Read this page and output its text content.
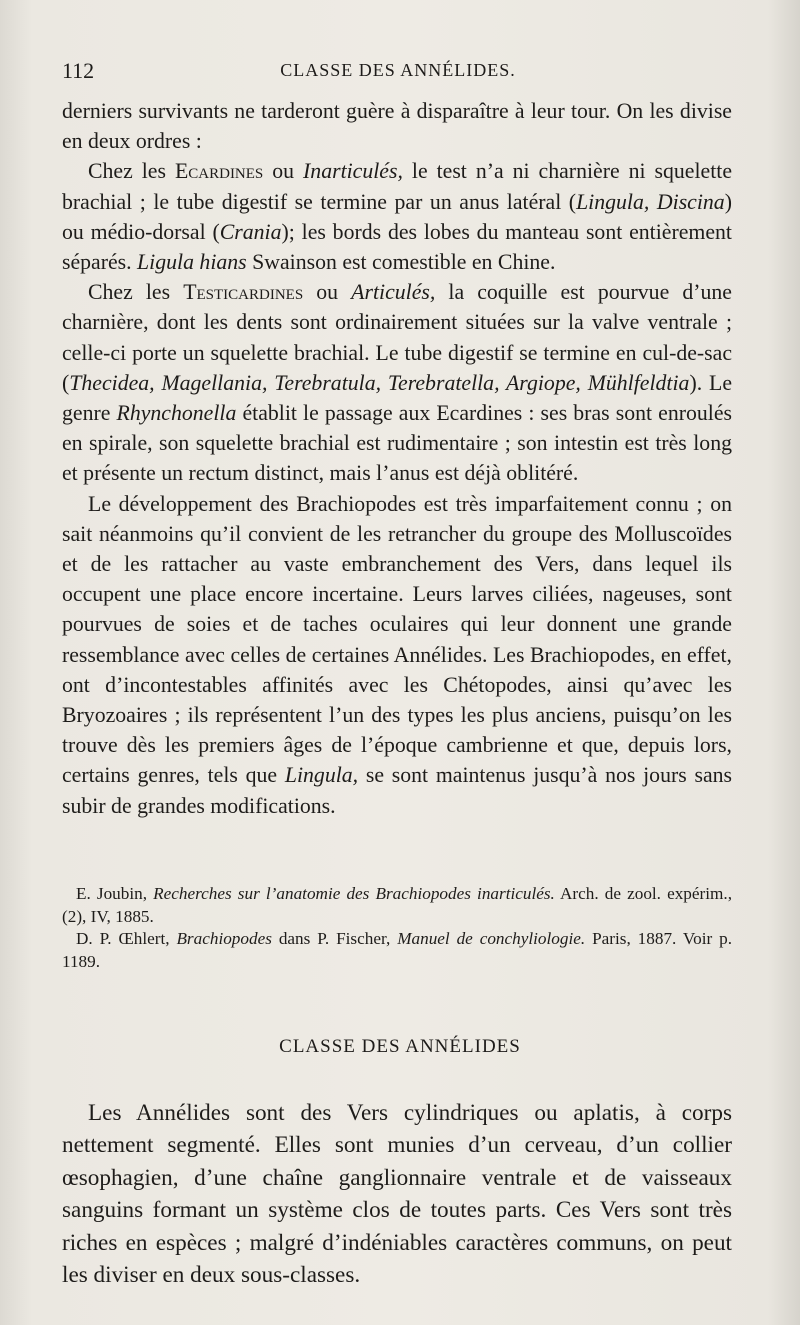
112	CLASSE DES ANNÉLIDES.

derniers survivants ne tarderont guère à disparaître à leur tour. On les divise en deux ordres :

Chez les Ecardines ou Inarticulés, le test n’a ni charnière ni squelette brachial ; le tube digestif se termine par un anus latéral (Lingula, Discina) ou médio-dorsal (Crania); les bords des lobes du manteau sont entièrement séparés. Ligula hians Swainson est comestible en Chine.

Chez les Testicardines ou Articulés, la coquille est pourvue d’une charnière, dont les dents sont ordinairement situées sur la valve ventrale ; celle-ci porte un squelette brachial. Le tube digestif se termine en cul-de-sac (Thecidea, Magellania, Terebratula, Terebratella, Argiope, Mühlfeldtia). Le genre Rhynchonella établit le passage aux Ecardines : ses bras sont enroulés en spirale, son squelette brachial est rudimentaire ; son intestin est très long et présente un rectum distinct, mais l’anus est déjà oblitéré.

Le développement des Brachiopodes est très imparfaitement connu ; on sait néanmoins qu’il convient de les retrancher du groupe des Molluscoïdes et de les rattacher au vaste embranchement des Vers, dans lequel ils occupent une place encore incertaine. Leurs larves ciliées, nageuses, sont pourvues de soies et de taches oculaires qui leur donnent une grande ressemblance avec celles de certaines Annélides. Les Brachiopodes, en effet, ont d’incontestables affinités avec les Chétopodes, ainsi qu’avec les Bryozoaires ; ils représentent l’un des types les plus anciens, puisqu’on les trouve dès les premiers âges de l’époque cambrienne et que, depuis lors, certains genres, tels que Lingula, se sont maintenus jusqu’à nos jours sans subir de grandes modifications.

E. Joubin, Recherches sur l’anatomie des Brachiopodes inarticulés. Arch. de zool. expérim., (2), IV, 1885.

D. P. Œhlert, Brachiopodes dans P. Fischer, Manuel de conchyliologie. Paris, 1887. Voir p. 1189.

CLASSE DES ANNÉLIDES

Les Annélides sont des Vers cylindriques ou aplatis, à corps nettement segmenté. Elles sont munies d’un cerveau, d’un collier œsophagien, d’une chaîne ganglionnaire ventrale et de vaisseaux sanguins formant un système clos de toutes parts. Ces Vers sont très riches en espèces ; malgré d’indéniables caractères communs, on peut les diviser en deux sous-classes.
